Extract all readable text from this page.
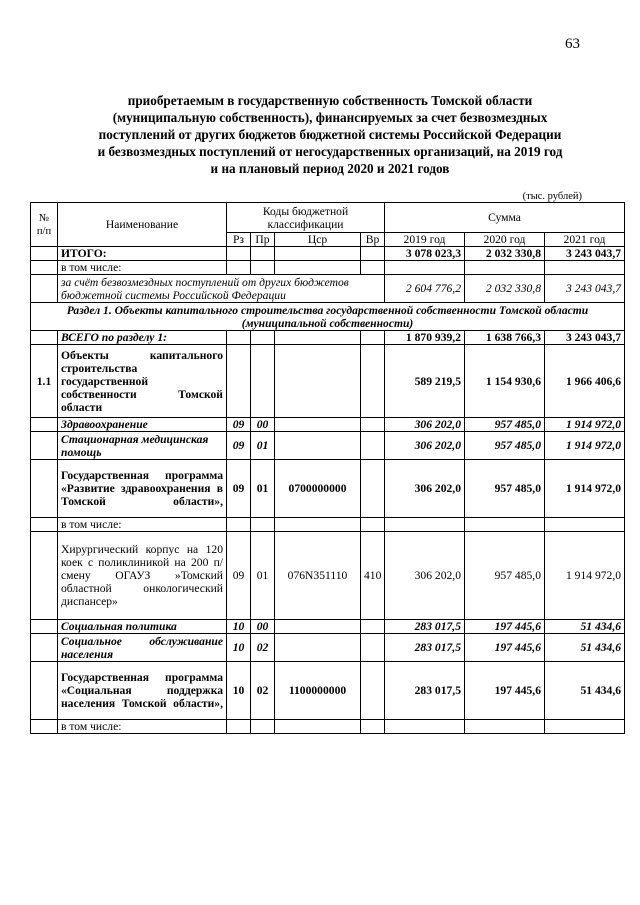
63
приобретаемым в государственную собственность Томской области
(муниципальную собственность), финансируемых за счет безвозмездных
поступлений от других бюджетов бюджетной системы Российской Федерации
и безвозмездных поступлений от негосударственных организаций, на 2019 год
и на плановый период 2020 и 2021 годов
(тыс. рублей)
№ п/п	Наименование	Коды бюджетной классификации				Сумма		
		Рз	Пр	Цср	Вр	2019 год	2020 год	2021 год
	ИТОГО:					3 078 023,3	2 032 330,8	3 243 043,7
	в том числе:							
	за счёт безвозмездных поступлений от других бюджетов бюджетной системы Российской Федерации					2 604 776,2	2 032 330,8	3 243 043,7
Раздел 1. Объекты капитального строительства государственной собственности Томской области (муниципальной собственности)								
	ВСЕГО по разделу 1:					1 870 939,2	1 638 766,3	3 243 043,7
1.1	Объекты капитального строительства государственной собственности Томской области					589 219,5	1 154 930,6	1 966 406,6
	Здравоохранение	09	00			306 202,0	957 485,0	1 914 972,0
	Стационарная медицинская помощь	09	01			306 202,0	957 485,0	1 914 972,0
	Государственная программа «Развитие здравоохранения в Томской области»,	09	01	0700000000		306 202,0	957 485,0	1 914 972,0
	в том числе:							
	Хирургический корпус на 120 коек с поликлиникой на 200 п/смену ОГАУЗ »Томский областной онкологический диспансер»	09	01	076N351110	410	306 202,0	957 485,0	1 914 972,0
	Социальная политика	10	00			283 017,5	197 445,6	51 434,6
	Социальное обслуживание населения	10	02			283 017,5	197 445,6	51 434,6
	Государственная программа «Социальная поддержка населения Томской области»,	10	02	1100000000		283 017,5	197 445,6	51 434,6
	в том числе:							
